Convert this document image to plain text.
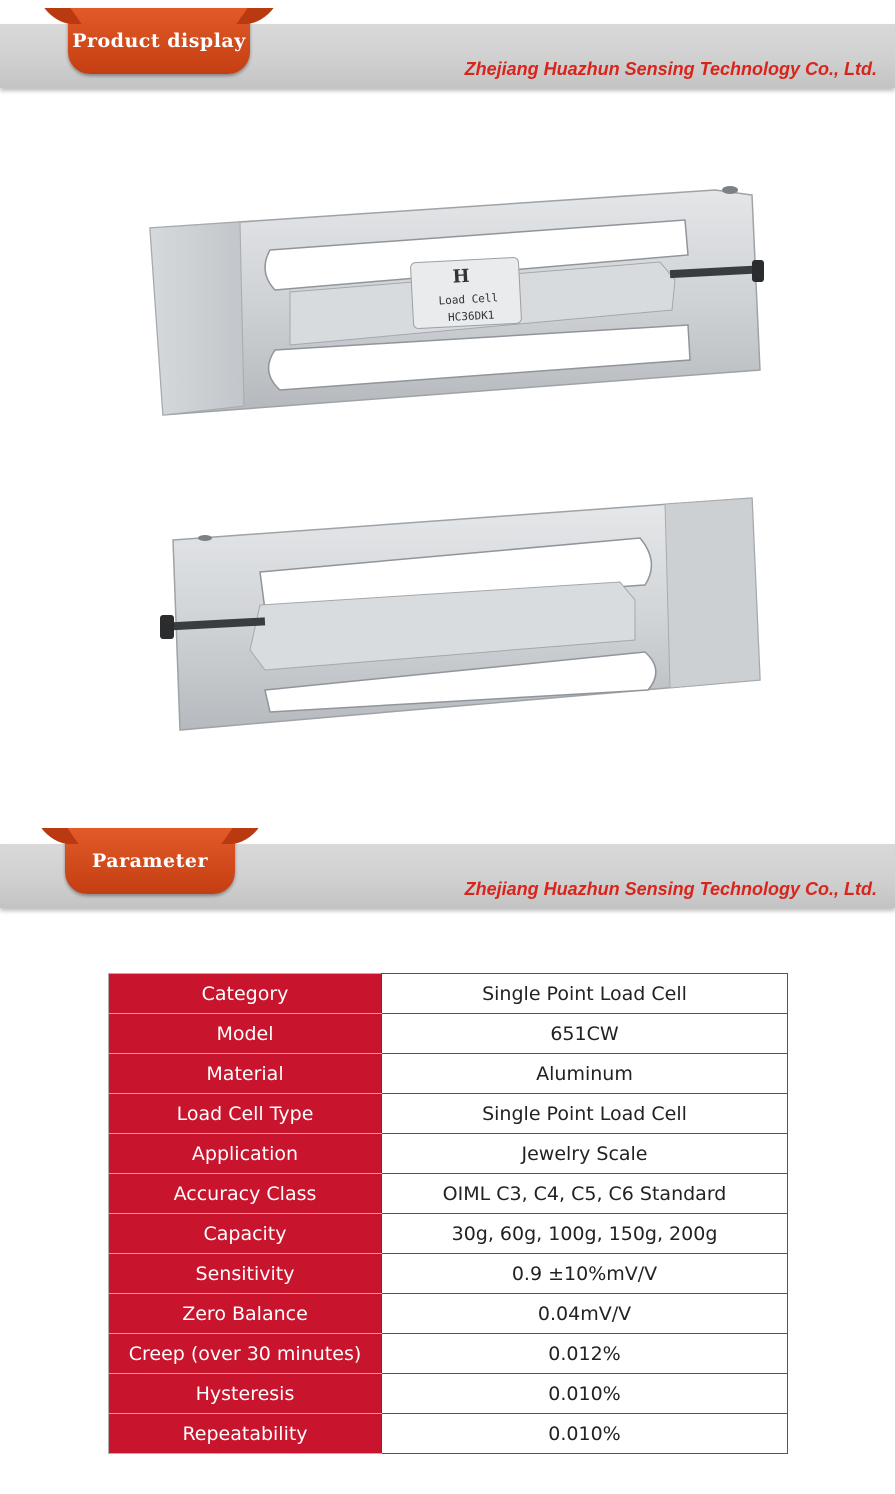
Product display
Zhejiang Huazhun Sensing Technology Co., Ltd.
H
Load Cell
HC36DK1
Parameter
Zhejiang Huazhun Sensing Technology Co., Ltd.
Category	Single Point Load Cell
Model	651CW
Material	Aluminum
Load Cell Type	Single Point Load Cell
Application	Jewelry Scale
Accuracy Class	OIML C3, C4, C5, C6 Standard
Capacity	30g, 60g, 100g, 150g, 200g
Sensitivity	0.9 ±10%mV/V
Zero Balance	0.04mV/V
Creep (over 30 minutes)	0.012%
Hysteresis	0.010%
Repeatability	0.010%
